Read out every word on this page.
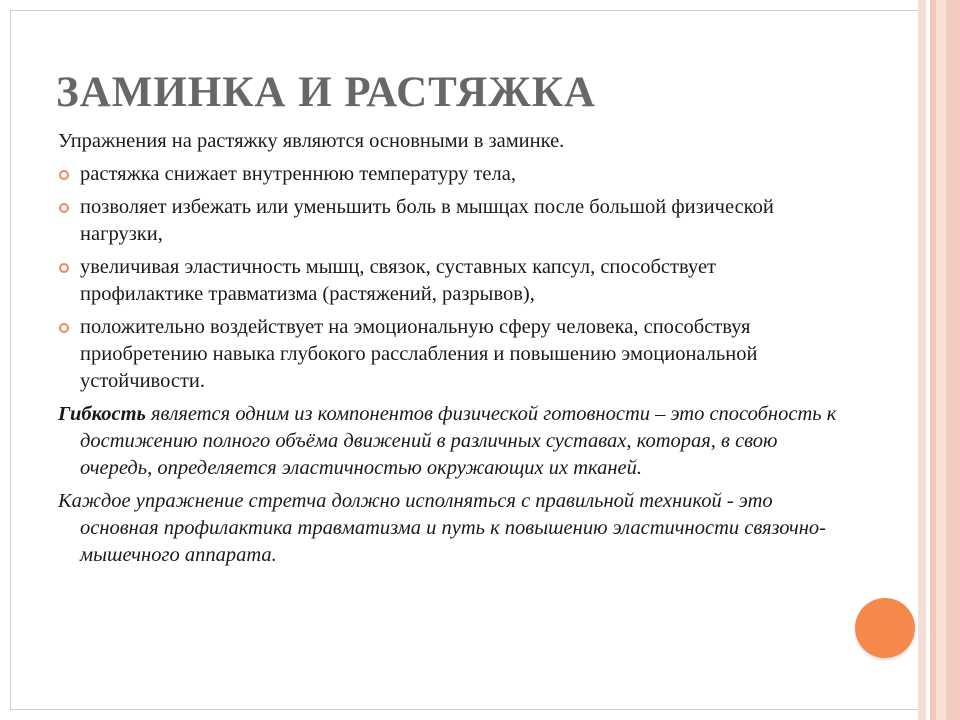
ЗАМИНКА И РАСТЯЖКА

Упражнения на растяжку являются основными в заминке.

растяжка снижает внутреннюю температуру тела,
позволяет избежать или уменьшить боль в мышцах после большой физической нагрузки,
увеличивая эластичность мышц, связок, суставных капсул, способствует профилактике травматизма (растяжений, разрывов),
положительно воздействует на эмоциональную сферу человека, способствуя приобретению навыка глубокого расслабления и повышению эмоциональной устойчивости.

Гибкость является одним из компонентов физической готовности – это способность к достижению полного объёма движений в различных суставах, которая, в свою очередь, определяется эластичностью окружающих их тканей.

Каждое упражнение стретча должно исполняться с правильной техникой - это основная профилактика травматизма и путь к повышению эластичности связочно-мышечного аппарата.
